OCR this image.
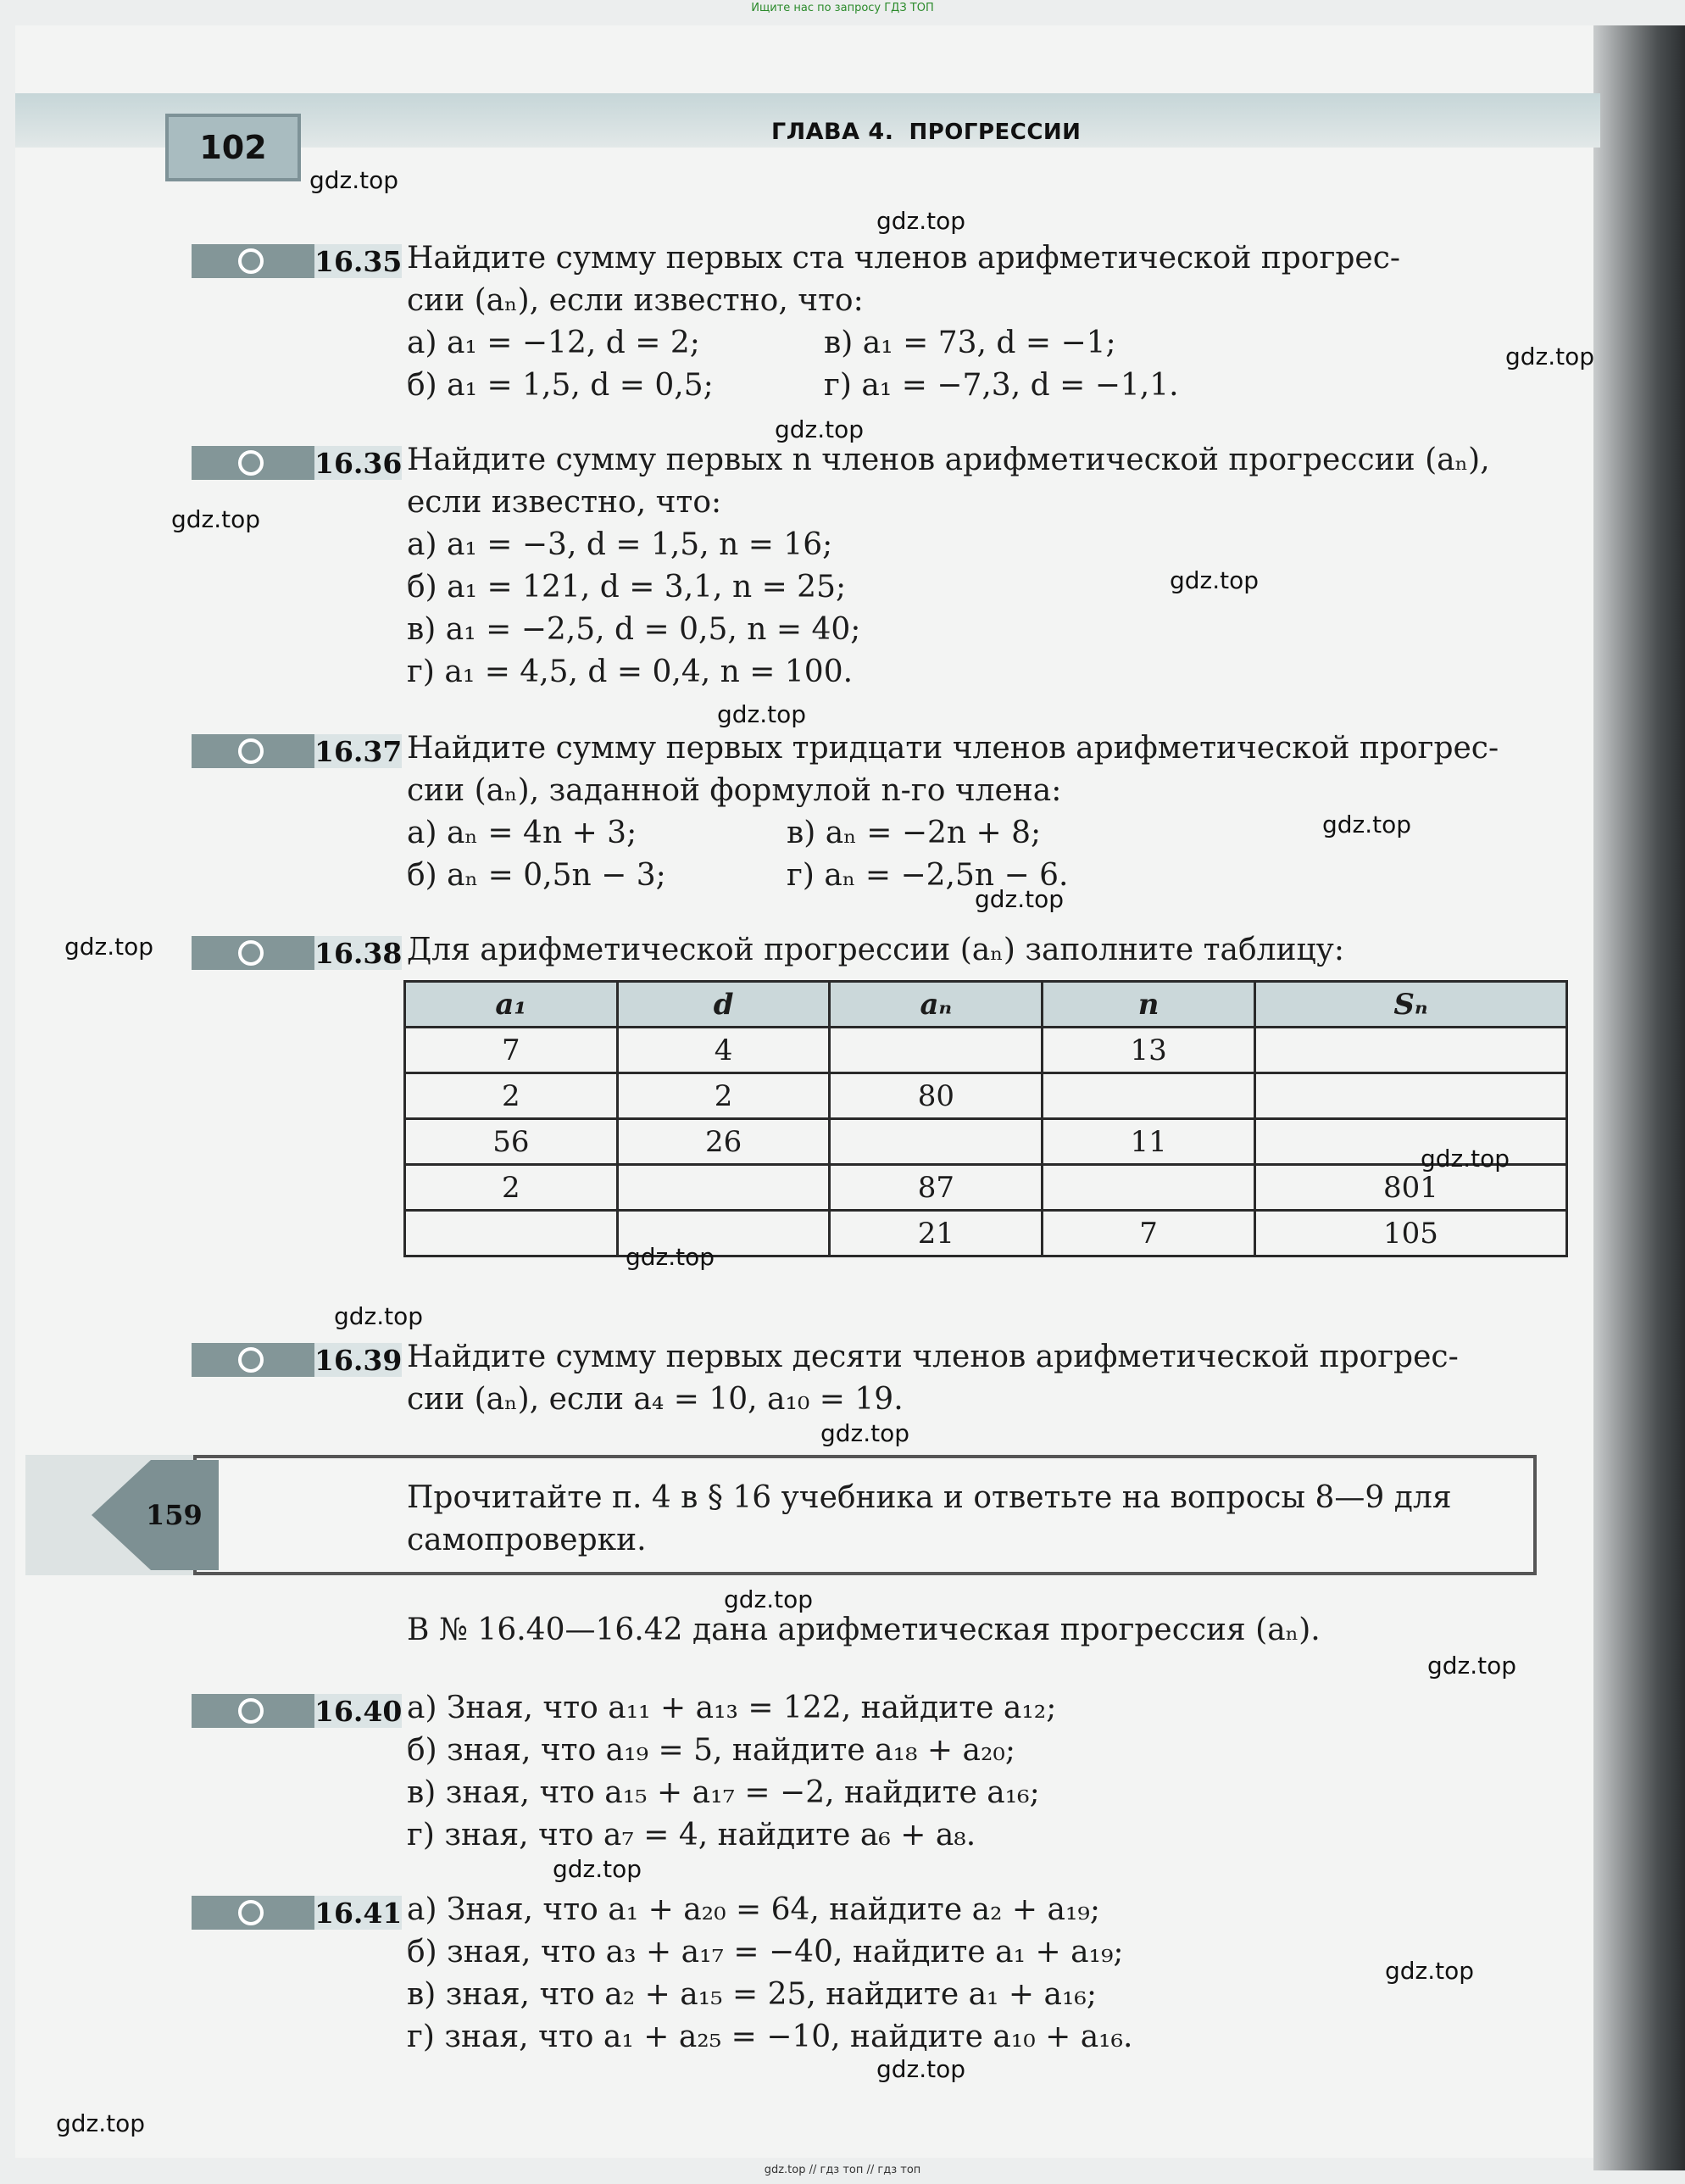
Ищите нас по запросу ГДЗ ТОП
102	ГЛАВА 4. ПРОГРЕССИИ
16.35 Найдите сумму первых ста членов арифметической прогрес-
сии (aₙ), если известно, что:
а) a₁ = −12, d = 2;	в) a₁ = 73, d = −1;
б) a₁ = 1,5, d = 0,5;	г) a₁ = −7,3, d = −1,1.
16.36 Найдите сумму первых n членов арифметической прогрессии (aₙ),
если известно, что:
а) a₁ = −3, d = 1,5, n = 16;
б) a₁ = 121, d = 3,1, n = 25;
в) a₁ = −2,5, d = 0,5, n = 40;
г) a₁ = 4,5, d = 0,4, n = 100.
16.37 Найдите сумму первых тридцати членов арифметической прогрес-
сии (aₙ), заданной формулой n-го члена:
а) aₙ = 4n + 3;	в) aₙ = −2n + 8;
б) aₙ = 0,5n − 3;	г) aₙ = −2,5n − 6.
16.38 Для арифметической прогрессии (aₙ) заполните таблицу:
a₁	d	aₙ	n	Sₙ
7	4		13	
2	2	80		
56	26		11	
2		87		801
		21	7	105
16.39 Найдите сумму первых десяти членов арифметической прогрес-
сии (aₙ), если a₄ = 10, a₁₀ = 19.
159	Прочитайте п. 4 в § 16 учебника и ответьте на вопросы 8—9 для
самопроверки.
В № 16.40—16.42 дана арифметическая прогрессия (aₙ).
16.40 а) Зная, что a₁₁ + a₁₃ = 122, найдите a₁₂;
б) зная, что a₁₉ = 5, найдите a₁₈ + a₂₀;
в) зная, что a₁₅ + a₁₇ = −2, найдите a₁₆;
г) зная, что a₇ = 4, найдите a₆ + a₈.
16.41 а) Зная, что a₁ + a₂₀ = 64, найдите a₂ + a₁₉;
б) зная, что a₃ + a₁₇ = −40, найдите a₁ + a₁₉;
в) зная, что a₂ + a₁₅ = 25, найдите a₁ + a₁₆;
г) зная, что a₁ + a₂₅ = −10, найдите a₁₀ + a₁₆.
gdz.top
gdz.top
gdz.top
gdz.top
gdz.top
gdz.top
gdz.top
gdz.top
gdz.top
gdz.top
gdz.top
gdz.top
gdz.top
gdz.top
gdz.top
gdz.top
gdz.top
gdz.top
gdz.top
gdz.top
gdz.top // гдз топ // гдз топ
